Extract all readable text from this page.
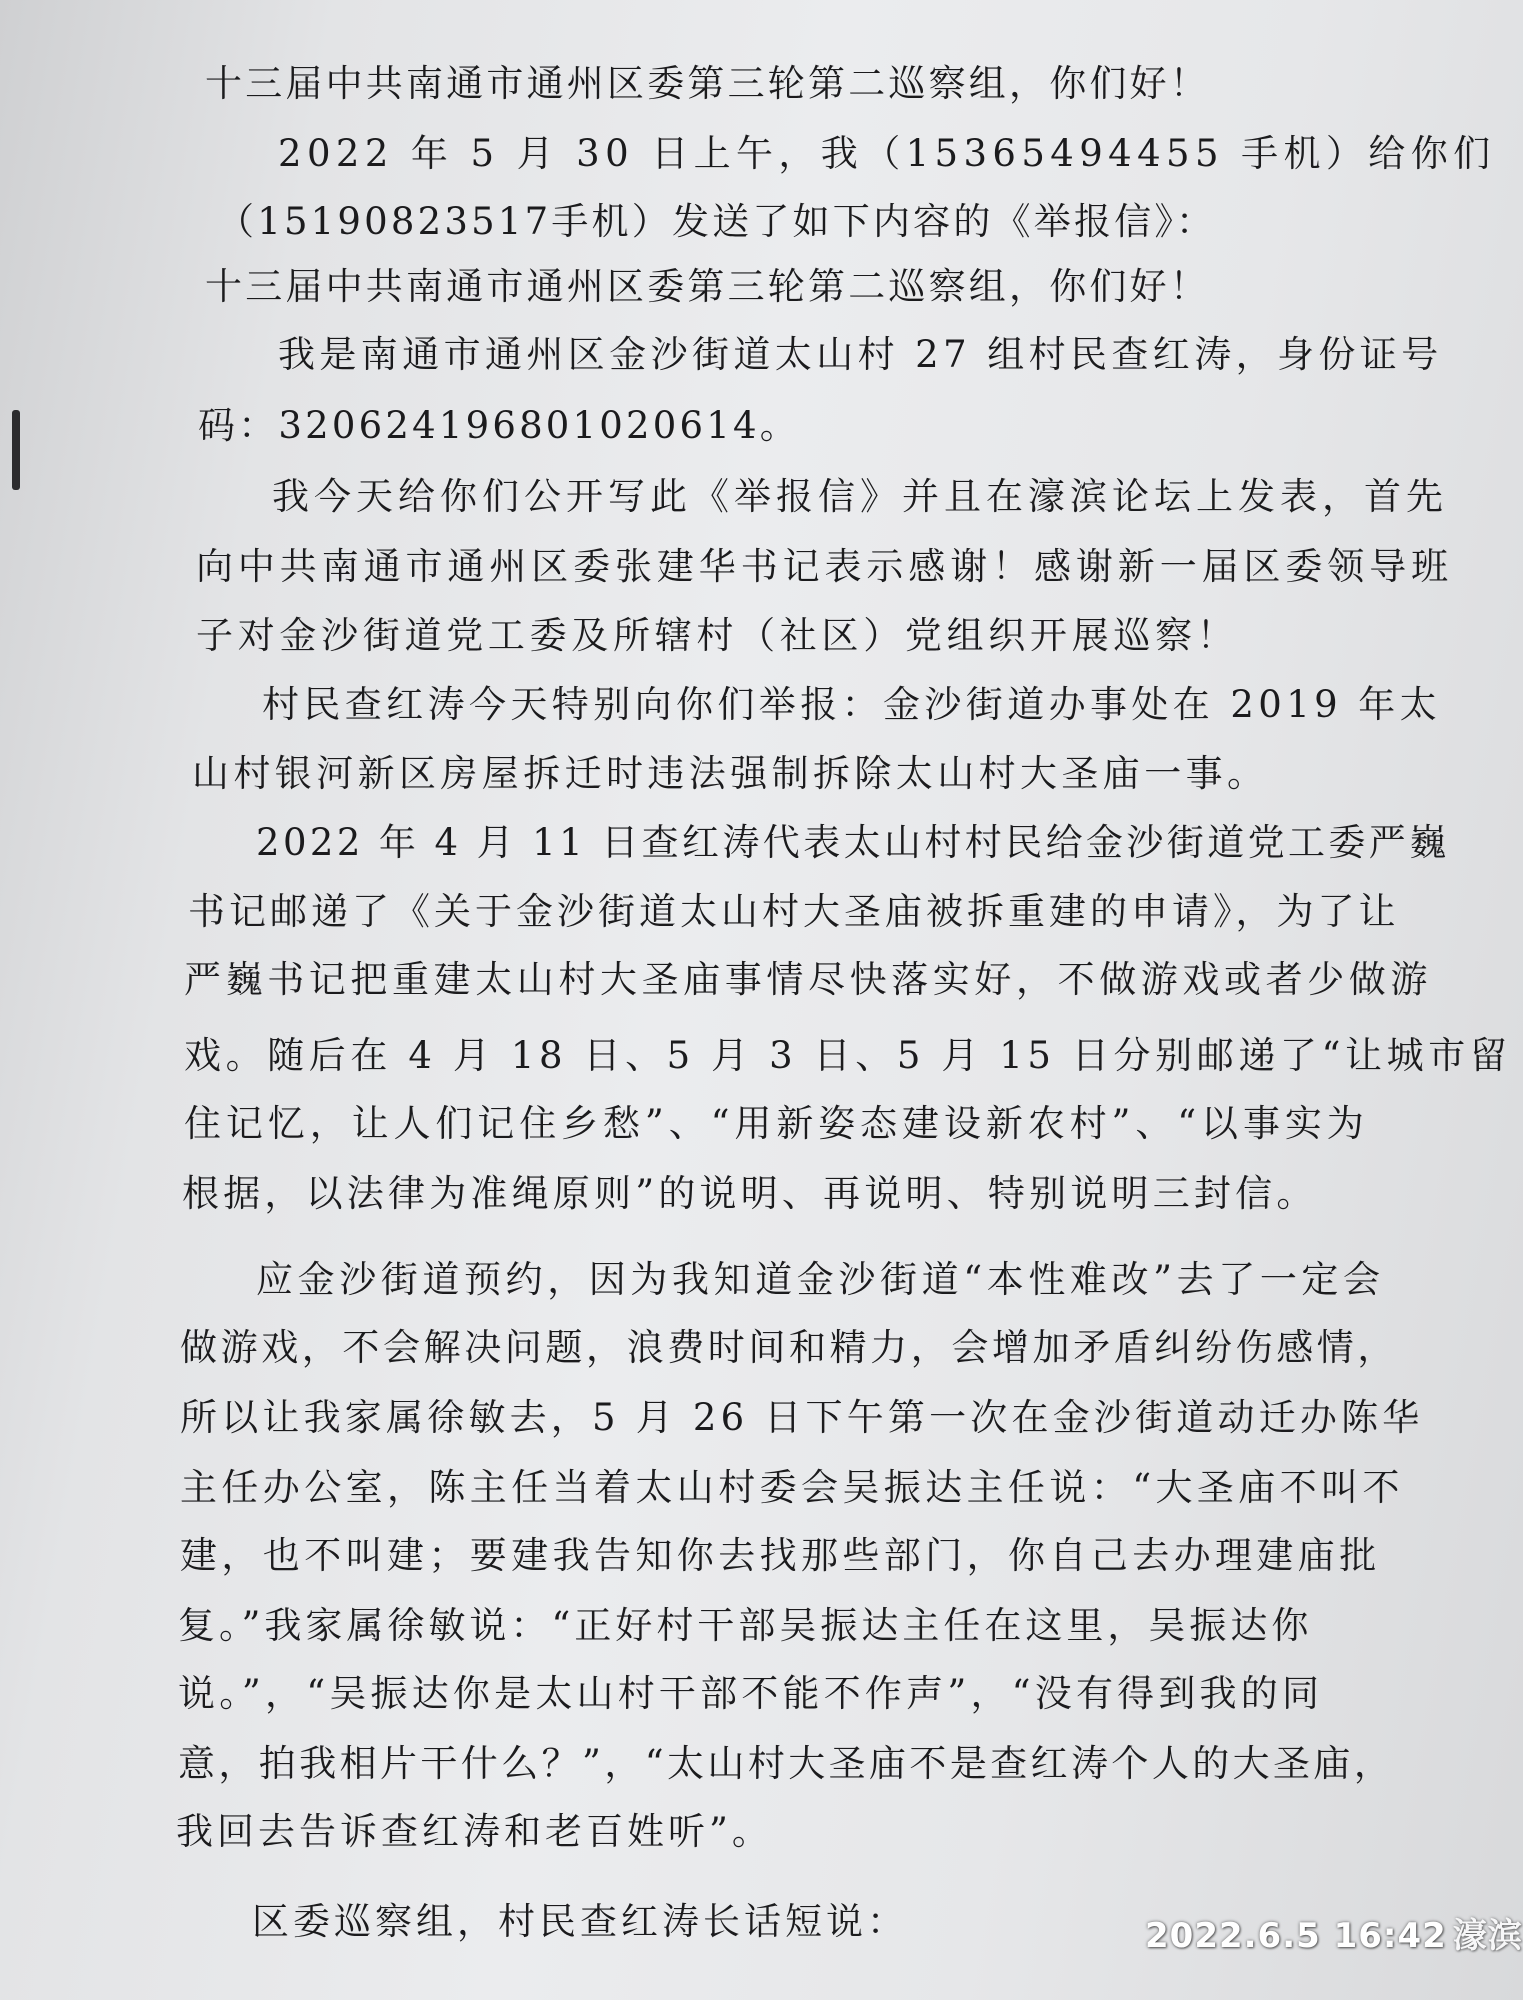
十三届中共南通市通州区委第三轮第二巡察组，你们好！
2022 年 5 月 30 日上午，我（15365494455 手机）给你们
（15190823517手机）发送了如下内容的《举报信》：
十三届中共南通市通州区委第三轮第二巡察组，你们好！
我是南通市通州区金沙街道太山村 27 组村民查红涛，身份证号
码：320624196801020614。
我今天给你们公开写此《举报信》并且在濠滨论坛上发表，首先
向中共南通市通州区委张建华书记表示感谢！感谢新一届区委领导班
子对金沙街道党工委及所辖村（社区）党组织开展巡察！
村民查红涛今天特别向你们举报：金沙街道办事处在 2019 年太
山村银河新区房屋拆迁时违法强制拆除太山村大圣庙一事。
2022 年 4 月 11 日查红涛代表太山村村民给金沙街道党工委严巍
书记邮递了《关于金沙街道太山村大圣庙被拆重建的申请》，为了让
严巍书记把重建太山村大圣庙事情尽快落实好，不做游戏或者少做游
戏。随后在 4 月 18 日、5 月 3 日、5 月 15 日分别邮递了“让城市留
住记忆，让人们记住乡愁”、“用新姿态建设新农村”、“以事实为
根据，以法律为准绳原则”的说明、再说明、特别说明三封信。
应金沙街道预约，因为我知道金沙街道“本性难改”去了一定会
做游戏，不会解决问题，浪费时间和精力，会增加矛盾纠纷伤感情，
所以让我家属徐敏去，5 月 26 日下午第一次在金沙街道动迁办陈华
主任办公室，陈主任当着太山村委会吴振达主任说：“大圣庙不叫不
建，也不叫建；要建我告知你去找那些部门，你自己去办理建庙批
复。”我家属徐敏说：“正好村干部吴振达主任在这里，吴振达你
说。”，“吴振达你是太山村干部不能不作声”，“没有得到我的同
意，拍我相片干什么？”，“太山村大圣庙不是查红涛个人的大圣庙，
我回去告诉查红涛和老百姓听”。
区委巡察组，村民查红涛长话短说：	2022.6.5 16:42 濠滨
